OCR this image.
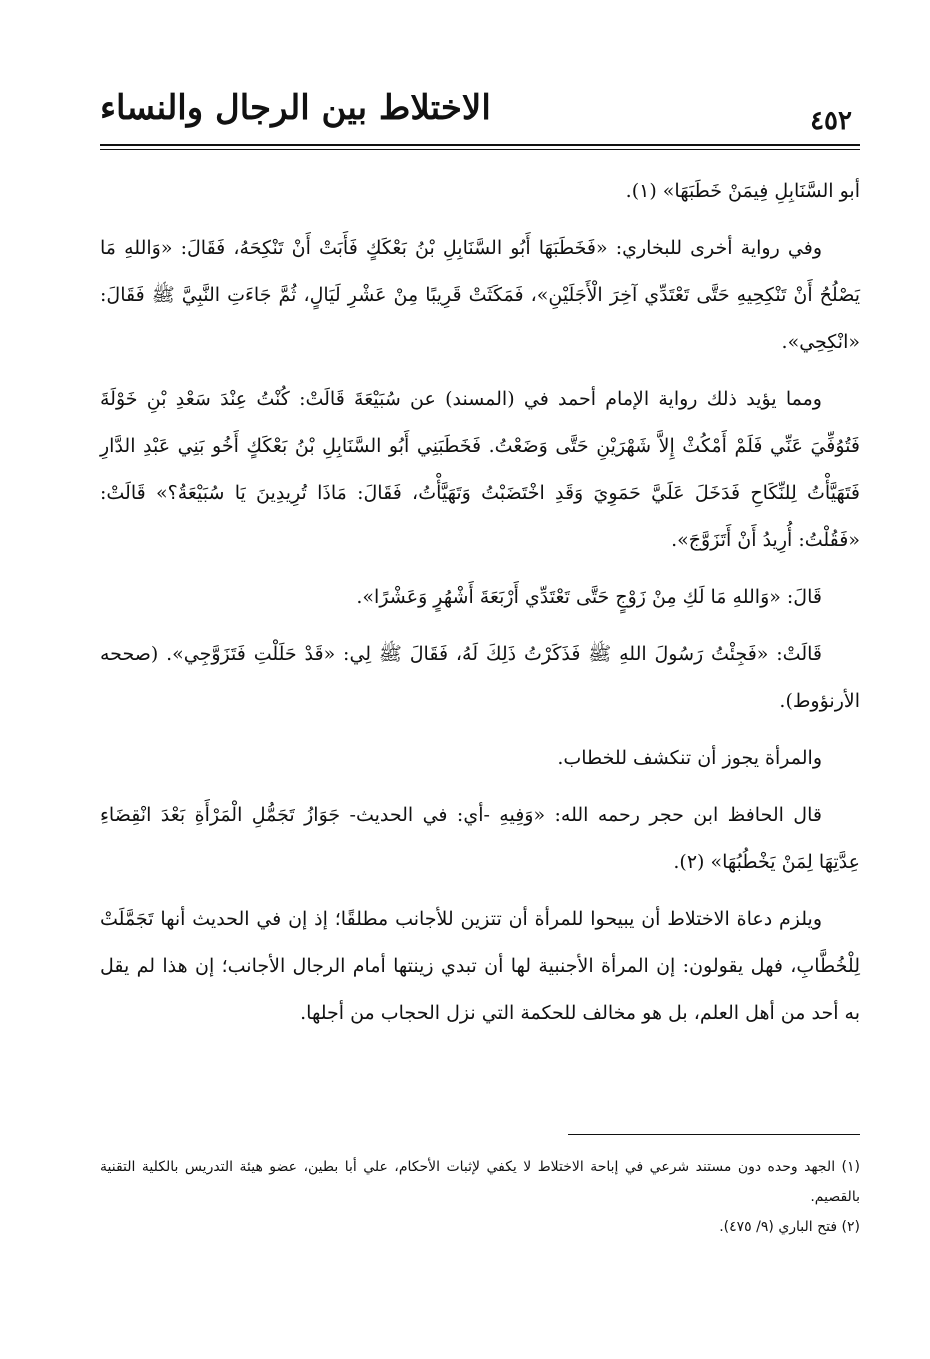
الاختلاط بين الرجال والنساء	٤٥٢

أبو السَّنَابِلِ فِيمَنْ خَطَبَهَا» (١).

وفي رواية أخرى للبخاري: «فَخَطَبَهَا أَبُو السَّنَابِلِ بْنُ بَعْكَكٍ فَأَبَتْ أَنْ تَنْكِحَهُ، فَقَالَ: «وَاللهِ مَا يَصْلُحُ أَنْ تَنْكِحِيهِ حَتَّى تَعْتَدِّي آخِرَ الْأَجَلَيْنِ»، فَمَكَثَتْ قَرِيبًا مِنْ عَشْرِ لَيَالٍ، ثُمَّ جَاءَتِ النَّبِيَّ ﷺ فَقَالَ: «انْكِحِي».

ومما يؤيد ذلك رواية الإمام أحمد في (المسند) عن سُبَيْعَةَ قَالَتْ: كُنْتُ عِنْدَ سَعْدِ بْنِ خَوْلَةَ فَتُوُفِّيَ عَنِّي فَلَمْ أَمْكُثْ إِلاَّ شَهْرَيْنِ حَتَّى وَضَعْتُ. فَخَطَبَنِي أَبُو السَّنَابِلِ بْنُ بَعْكَكٍ أَخُو بَنِي عَبْدِ الدَّارِ فَتَهَيَّأْتُ لِلنِّكَاحِ فَدَخَلَ عَلَيَّ حَمَوِيَ وَقَدِ اخْتَضَبْتُ وَتَهَيَّأْتُ، فَقَالَ: مَاذَا تُرِيدِينَ يَا سُبَيْعَةُ؟» قَالَتْ: «فَقُلْتُ: أُرِيدُ أَنْ أَتَزَوَّجَ».

قَالَ: «وَاللهِ مَا لَكِ مِنْ زَوْجٍ حَتَّى تَعْتَدِّي أَرْبَعَةَ أَشْهُرٍ وَعَشْرًا».

قَالَتْ: «فَجِئْتُ رَسُولَ اللهِ ﷺ فَذَكَرْتُ ذَلِكَ لَهُ، فَقَالَ ﷺ لِي: «قَدْ حَلَلْتِ فَتَزَوَّجِي». (صححه الأرنؤوط).

والمرأة يجوز أن تنكشف للخطاب.

قال الحافظ ابن حجر رحمه الله: «وَفِيهِ -أي: في الحديث- جَوَازُ تَجَمُّلِ الْمَرْأَةِ بَعْدَ انْقِضَاءِ عِدَّتِهَا لِمَنْ يَخْطُبُهَا» (٢).

ويلزم دعاة الاختلاط أن يبيحوا للمرأة أن تتزين للأجانب مطلقًا؛ إذ إن في الحديث أنها تَجَمَّلَتْ لِلْخُطَّابِ، فهل يقولون: إن المرأة الأجنبية لها أن تبدي زينتها أمام الرجال الأجانب؛ إن هذا لم يقل به أحد من أهل العلم، بل هو مخالف للحكمة التي نزل الحجاب من أجلها.

(١) الجهد وحده دون مستند شرعي في إباحة الاختلاط لا يكفي لإثبات الأحكام، علي أبا بطين، عضو هيئة التدريس بالكلية التقنية بالقصيم.

(٢) فتح الباري (٩/ ٤٧٥).
